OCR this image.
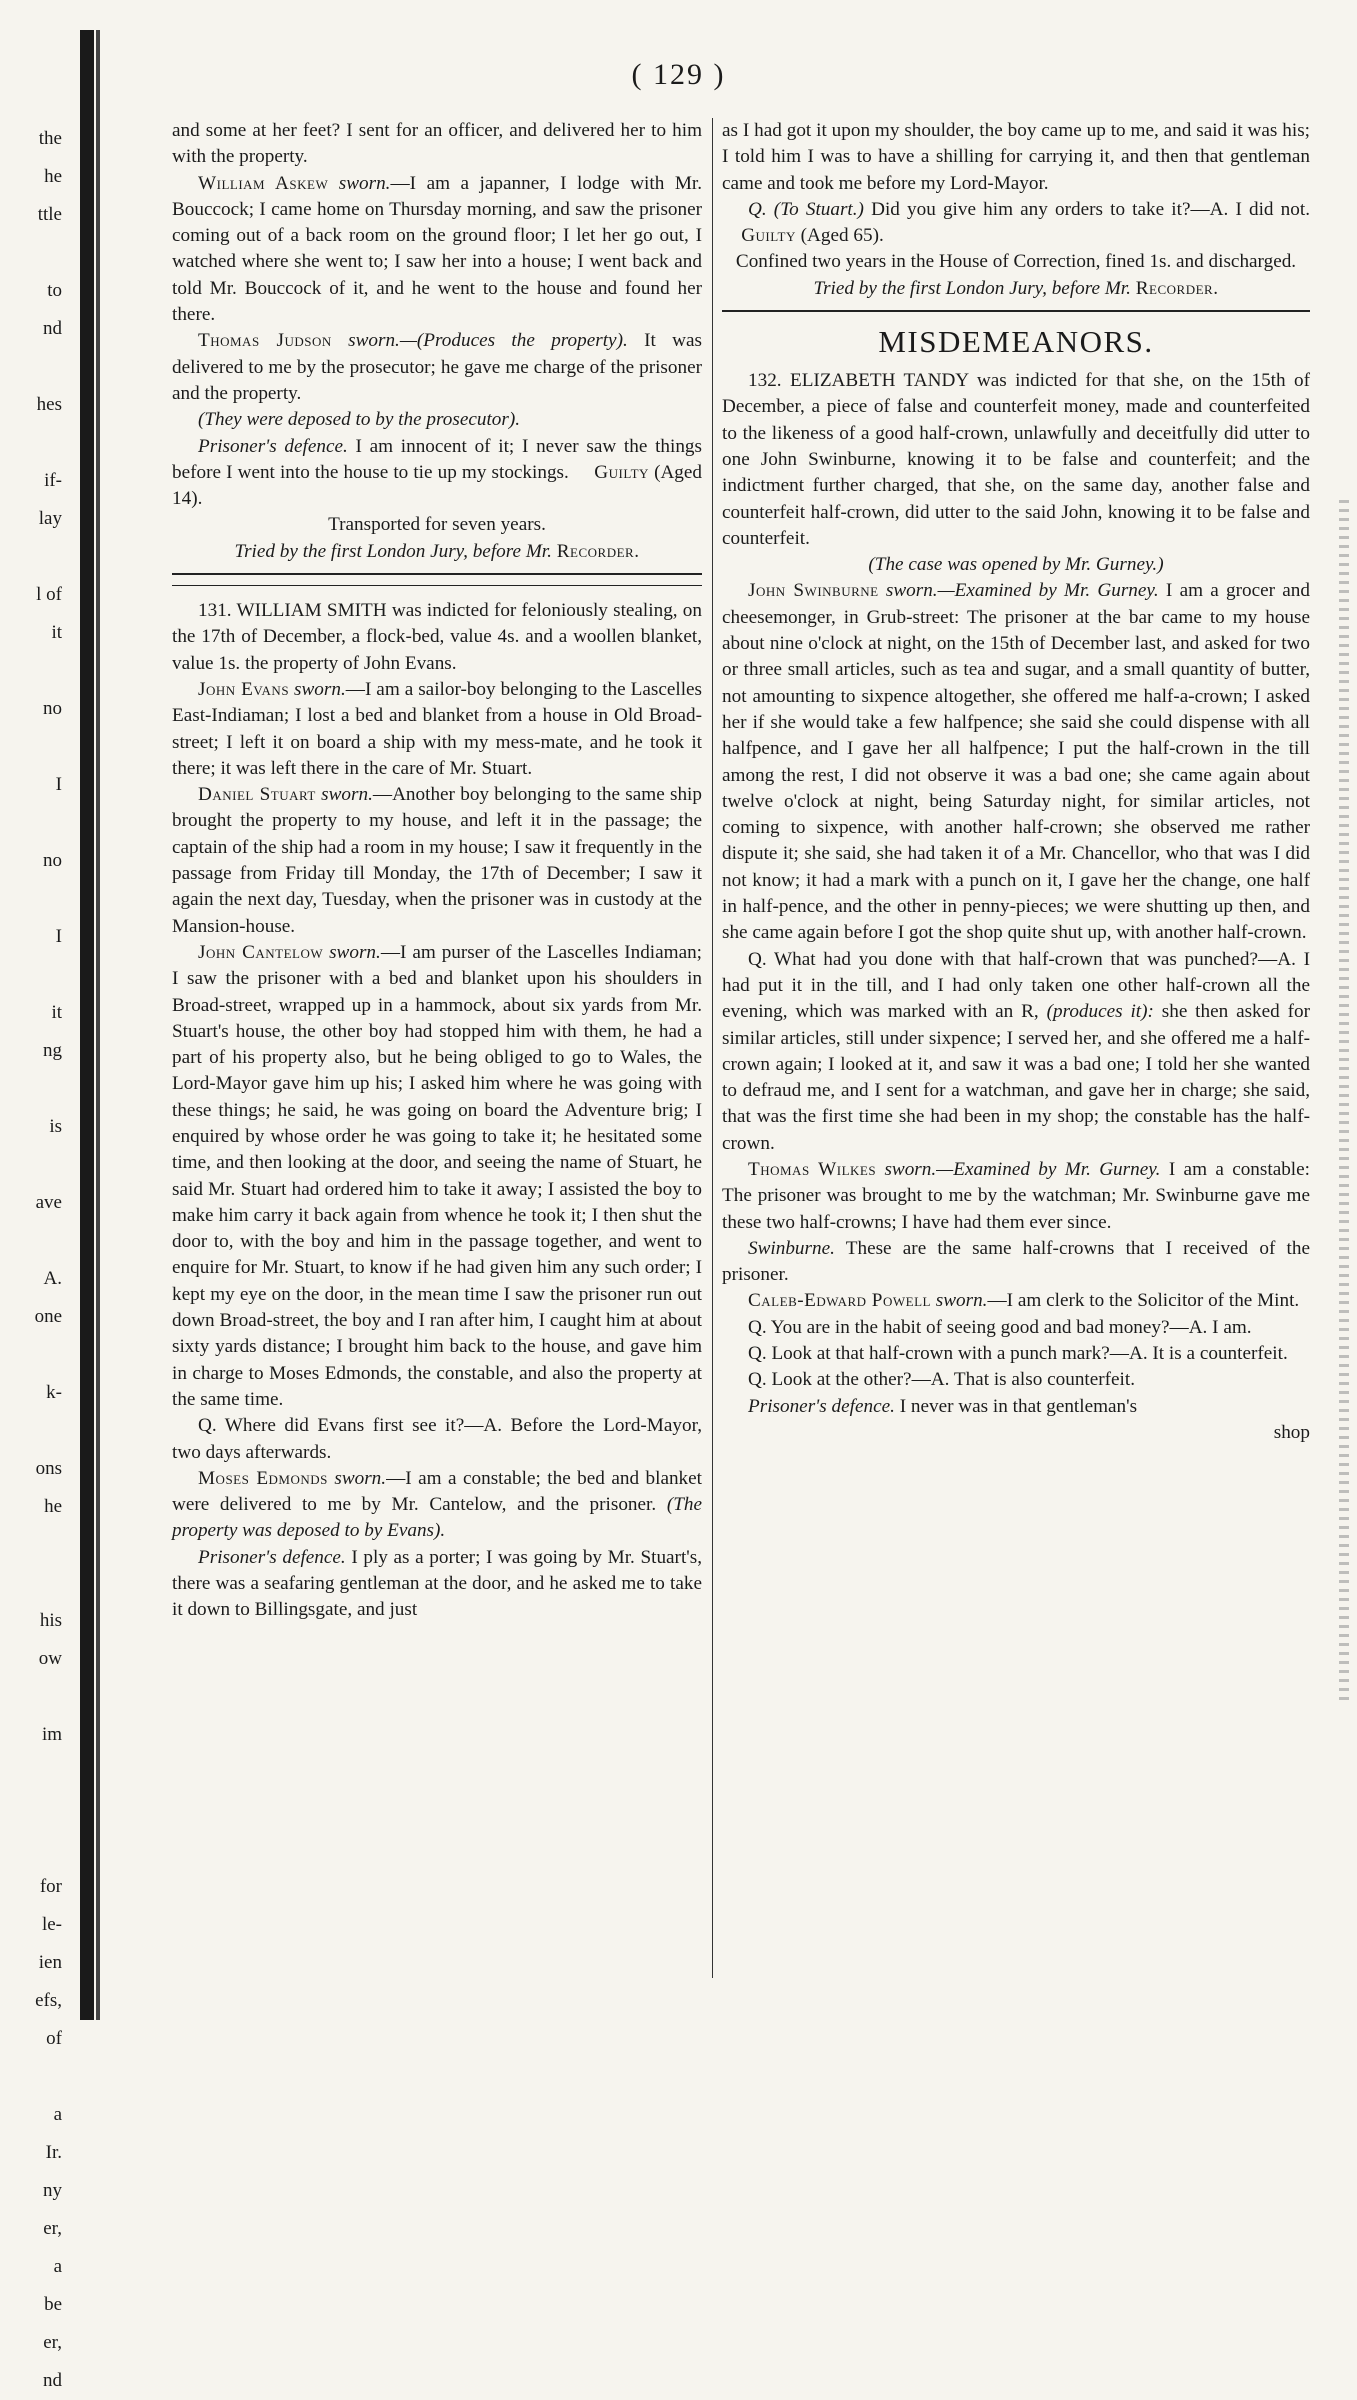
the
he
ttle
to
nd
hes
if-
lay
l of
it
no
I
no
I
it
ng
is
ave
A.
one
k-
ons
he
his
ow
im
for
le-
ien
efs,
of
a
Ir.
ny
er,
a
be
er,
nd
( 129 )

and some at her feet? I sent for an officer, and delivered her to him with the property.

William Askew sworn.—I am a japanner, I lodge with Mr. Bouccock; I came home on Thursday morning, and saw the prisoner coming out of a back room on the ground floor; I let her go out, I watched where she went to; I saw her into a house; I went back and told Mr. Bouccock of it, and he went to the house and found her there.

Thomas Judson sworn.—(Produces the property). It was delivered to me by the prosecutor; he gave me charge of the prisoner and the property.

(They were deposed to by the prosecutor).

Prisoner's defence. I am innocent of it; I never saw the things before I went into the house to tie up my stockings. Guilty (Aged 14).

Transported for seven years.

Tried by the first London Jury, before Mr. Recorder.

131. WILLIAM SMITH was indicted for feloniously stealing, on the 17th of December, a flock-bed, value 4s. and a woollen blanket, value 1s. the property of John Evans.

John Evans sworn.—I am a sailor-boy belonging to the Lascelles East-Indiaman; I lost a bed and blanket from a house in Old Broad-street; I left it on board a ship with my mess-mate, and he took it there; it was left there in the care of Mr. Stuart.

Daniel Stuart sworn.—Another boy belonging to the same ship brought the property to my house, and left it in the passage; the captain of the ship had a room in my house; I saw it frequently in the passage from Friday till Monday, the 17th of December; I saw it again the next day, Tuesday, when the prisoner was in custody at the Mansion-house.

John Cantelow sworn.—I am purser of the Lascelles Indiaman; I saw the prisoner with a bed and blanket upon his shoulders in Broad-street, wrapped up in a hammock, about six yards from Mr. Stuart's house, the other boy had stopped him with them, he had a part of his property also, but he being obliged to go to Wales, the Lord-Mayor gave him up his; I asked him where he was going with these things; he said, he was going on board the Adventure brig; I enquired by whose order he was going to take it; he hesitated some time, and then looking at the door, and seeing the name of Stuart, he said Mr. Stuart had ordered him to take it away; I assisted the boy to make him carry it back again from whence he took it; I then shut the door to, with the boy and him in the passage together, and went to enquire for Mr. Stuart, to know if he had given him any such order; I kept my eye on the door, in the mean time I saw the prisoner run out down Broad-street, the boy and I ran after him, I caught him at about sixty yards distance; I brought him back to the house, and gave him in charge to Moses Edmonds, the constable, and also the property at the same time.

Q. Where did Evans first see it?—A. Before the Lord-Mayor, two days afterwards.

Moses Edmonds sworn.—I am a constable; the bed and blanket were delivered to me by Mr. Cantelow, and the prisoner. (The property was deposed to by Evans).

Prisoner's defence. I ply as a porter; I was going by Mr. Stuart's, there was a seafaring gentleman at the door, and he asked me to take it down to Billingsgate, and just

as I had got it upon my shoulder, the boy came up to me, and said it was his; I told him I was to have a shilling for carrying it, and then that gentleman came and took me before my Lord-Mayor.

Q. (To Stuart.) Did you give him any orders to take it?—A. I did not.     Guilty (Aged 65).

Confined two years in the House of Correction, fined 1s. and discharged.

Tried by the first London Jury, before Mr. Recorder.

MISDEMEANORS.

132. ELIZABETH TANDY was indicted for that she, on the 15th of December, a piece of false and counterfeit money, made and counterfeited to the likeness of a good half-crown, unlawfully and deceitfully did utter to one John Swinburne, knowing it to be false and counterfeit; and the indictment further charged, that she, on the same day, another false and counterfeit half-crown, did utter to the said John, knowing it to be false and counterfeit.

(The case was opened by Mr. Gurney.)

John Swinburne sworn.—Examined by Mr. Gurney. I am a grocer and cheesemonger, in Grub-street: The prisoner at the bar came to my house about nine o'clock at night, on the 15th of December last, and asked for two or three small articles, such as tea and sugar, and a small quantity of butter, not amounting to sixpence altogether, she offered me half-a-crown; I asked her if she would take a few halfpence; she said she could dispense with all halfpence, and I gave her all halfpence; I put the half-crown in the till among the rest, I did not observe it was a bad one; she came again about twelve o'clock at night, being Saturday night, for similar articles, not coming to sixpence, with another half-crown; she observed me rather dispute it; she said, she had taken it of a Mr. Chancellor, who that was I did not know; it had a mark with a punch on it, I gave her the change, one half in half-pence, and the other in penny-pieces; we were shutting up then, and she came again before I got the shop quite shut up, with another half-crown.

Q. What had you done with that half-crown that was punched?—A. I had put it in the till, and I had only taken one other half-crown all the evening, which was marked with an R, (produces it): she then asked for similar articles, still under sixpence; I served her, and she offered me a half-crown again; I looked at it, and saw it was a bad one; I told her she wanted to defraud me, and I sent for a watchman, and gave her in charge; she said, that was the first time she had been in my shop; the constable has the half-crown.

Thomas Wilkes sworn.—Examined by Mr. Gurney. I am a constable: The prisoner was brought to me by the watchman; Mr. Swinburne gave me these two half-crowns; I have had them ever since.

Swinburne. These are the same half-crowns that I received of the prisoner.

Caleb-Edward Powell sworn.—I am clerk to the Solicitor of the Mint.

Q. You are in the habit of seeing good and bad money?—A. I am.

Q. Look at that half-crown with a punch mark?—A. It is a counterfeit.

Q. Look at the other?—A. That is also counterfeit.

Prisoner's defence. I never was in that gentleman's

shop
